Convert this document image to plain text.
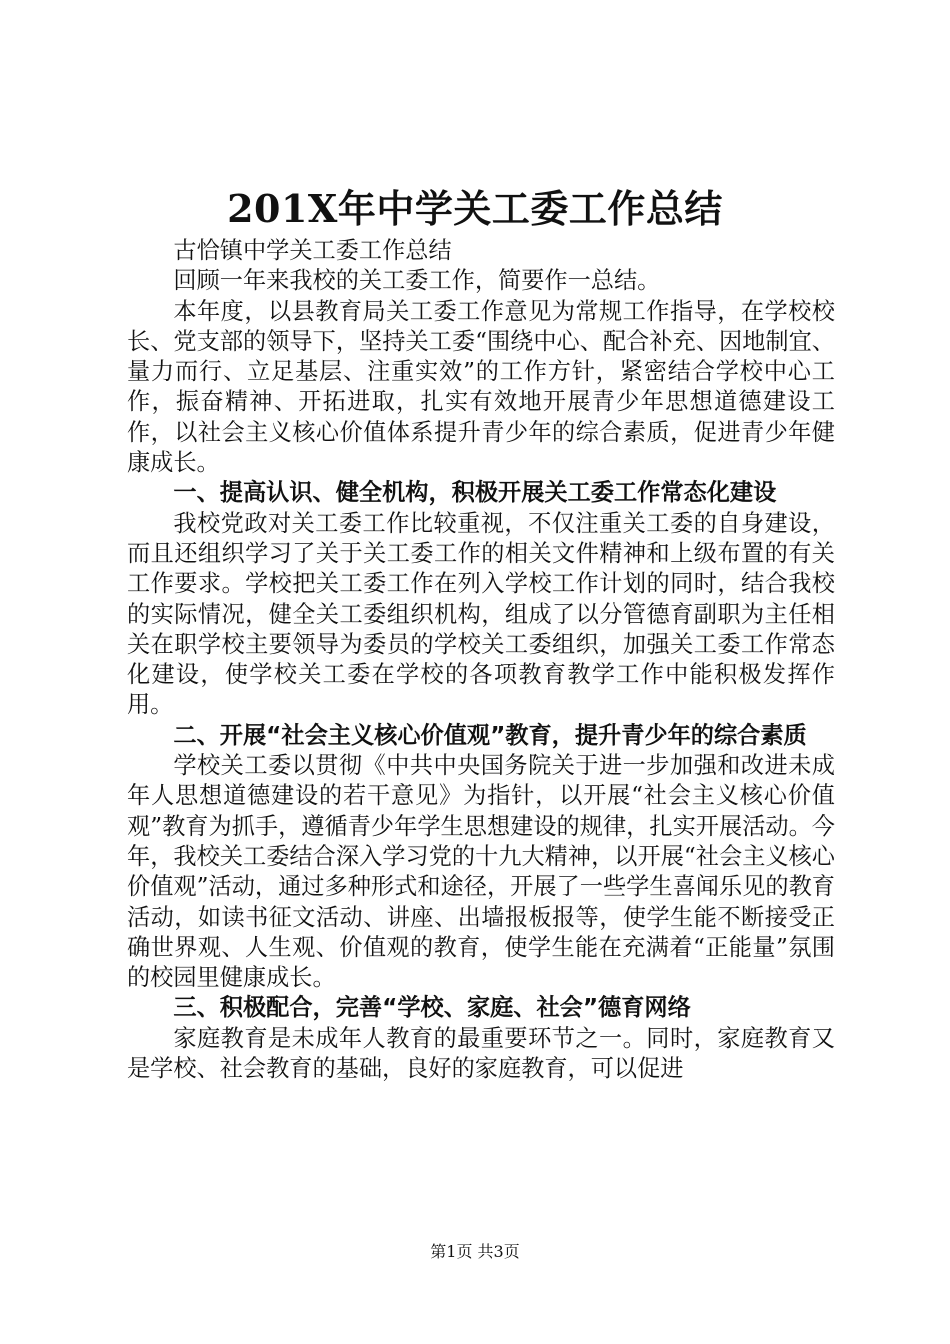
201X年中学关工委工作总结

古恰镇中学关工委工作总结

回顾一年来我校的关工委工作，简要作一总结。

本年度，以县教育局关工委工作意见为常规工作指导，在学校校长、党支部的领导下，坚持关工委“围绕中心、配合补充、因地制宜、量力而行、立足基层、注重实效”的工作方针，紧密结合学校中心工作，振奋精神、开拓进取，扎实有效地开展青少年思想道德建设工作，以社会主义核心价值体系提升青少年的综合素质，促进青少年健康成长。

一、提高认识、健全机构，积极开展关工委工作常态化建设

我校党政对关工委工作比较重视，不仅注重关工委的自身建设，而且还组织学习了关于关工委工作的相关文件精神和上级布置的有关工作要求。学校把关工委工作在列入学校工作计划的同时，结合我校的实际情况，健全关工委组织机构，组成了以分管德育副职为主任相关在职学校主要领导为委员的学校关工委组织，加强关工委工作常态化建设，使学校关工委在学校的各项教育教学工作中能积极发挥作用。

二、开展“社会主义核心价值观”教育，提升青少年的综合素质

学校关工委以贯彻《中共中央国务院关于进一步加强和改进未成年人思想道德建设的若干意见》为指针，以开展“社会主义核心价值观”教育为抓手，遵循青少年学生思想建设的规律，扎实开展活动。今年，我校关工委结合深入学习党的十九大精神，以开展“社会主义核心价值观”活动，通过多种形式和途径，开展了一些学生喜闻乐见的教育活动，如读书征文活动、讲座、出墙报板报等，使学生能不断接受正确世界观、人生观、价值观的教育，使学生能在充满着“正能量”氛围的校园里健康成长。

三、积极配合，完善“学校、家庭、社会”德育网络

家庭教育是未成年人教育的最重要环节之一。同时，家庭教育又是学校、社会教育的基础，良好的家庭教育，可以促进

第1页 共3页
